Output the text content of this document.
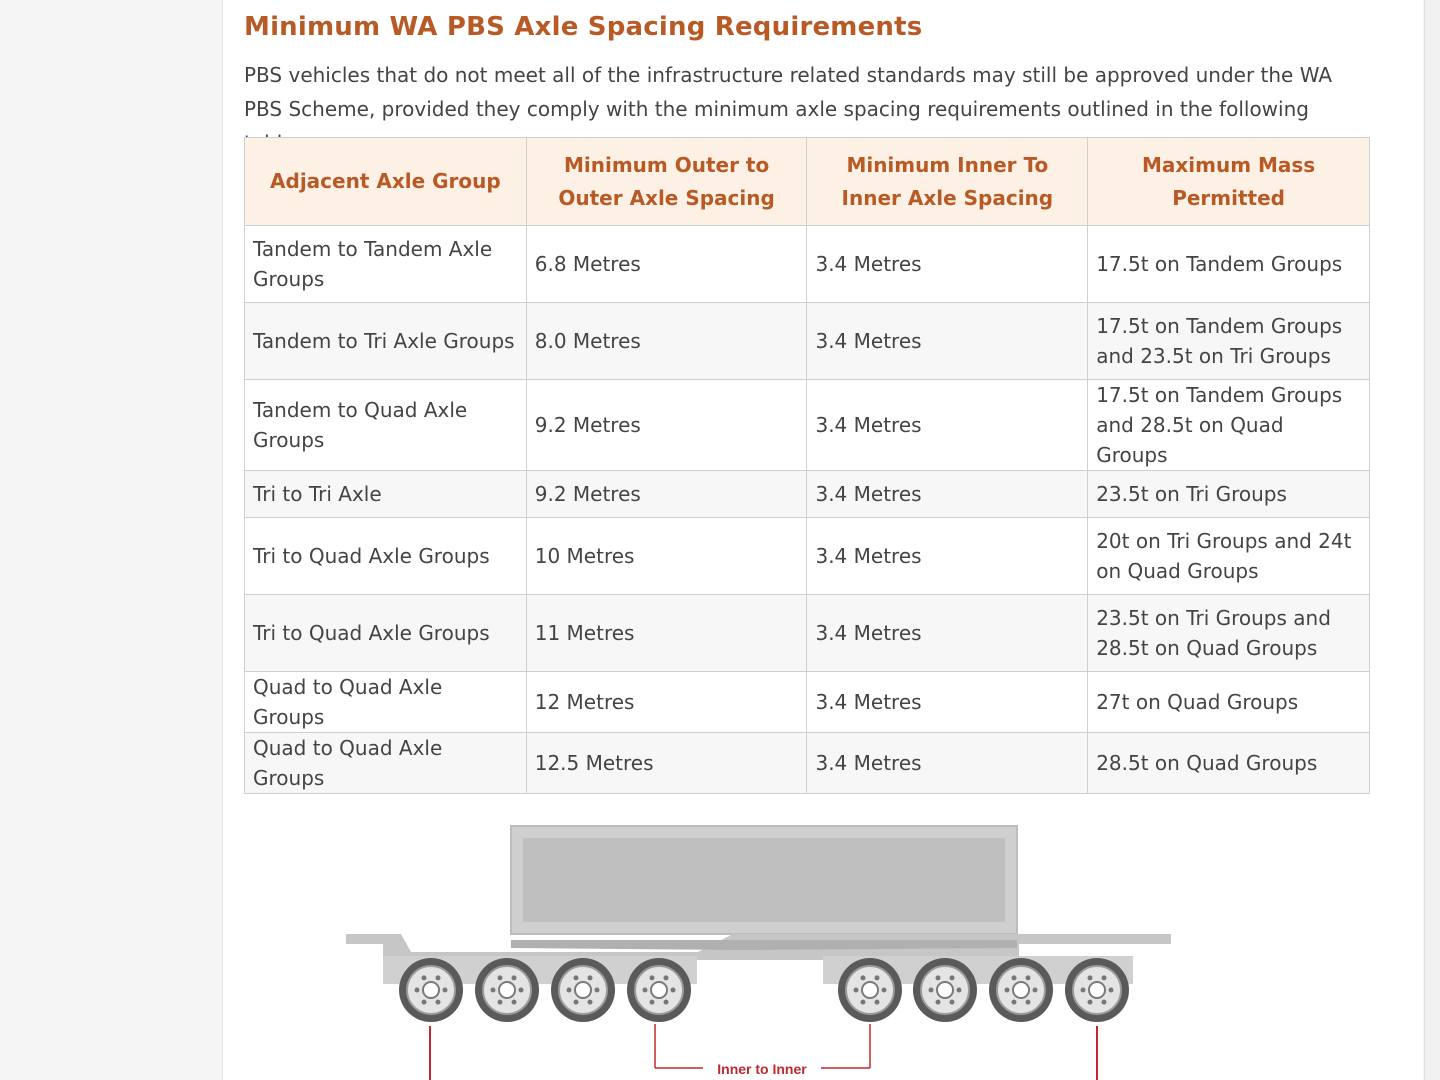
Minimum WA PBS Axle Spacing Requirements
PBS vehicles that do not meet all of the infrastructure related standards may still be approved under the WA PBS Scheme, provided they comply with the minimum axle spacing requirements outlined in the following
Adjacent Axle Group	Minimum Outer to Outer Axle Spacing	Minimum Inner To Inner Axle Spacing	Maximum Mass Permitted
Tandem to Tandem Axle Groups	6.8 Metres	3.4 Metres	17.5t on Tandem Groups
Tandem to Tri Axle Groups	8.0 Metres	3.4 Metres	17.5t on Tandem Groups and 23.5t on Tri Groups
Tandem to Quad Axle Groups	9.2 Metres	3.4 Metres	17.5t on Tandem Groups and 28.5t on Quad Groups
Tri to Tri Axle	9.2 Metres	3.4 Metres	23.5t on Tri Groups
Tri to Quad Axle Groups	10 Metres	3.4 Metres	20t on Tri Groups and 24t on Quad Groups
Tri to Quad Axle Groups	11 Metres	3.4 Metres	23.5t on Tri Groups and 28.5t on Quad Groups
Quad to Quad Axle Groups	12 Metres	3.4 Metres	27t on Quad Groups
Quad to Quad Axle Groups	12.5 Metres	3.4 Metres	28.5t on Quad Groups
Inner to Inner
